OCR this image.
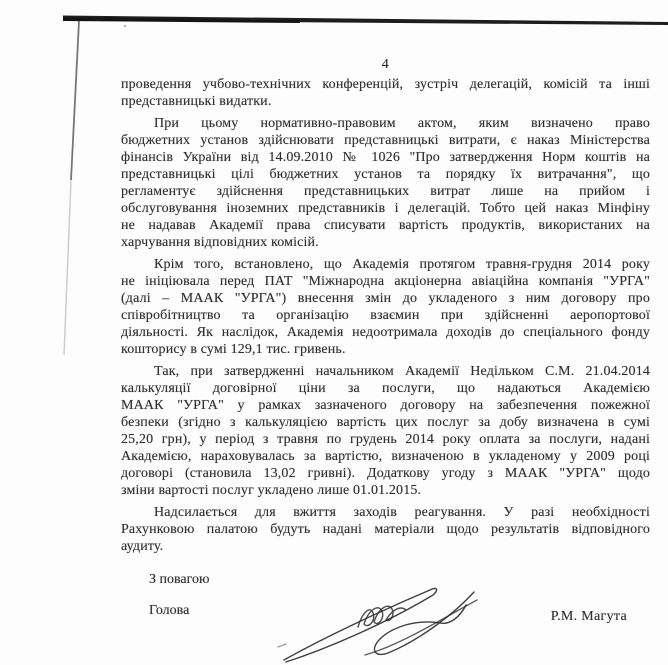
4
проведення учбово-технічних конференцій, зустріч делегацій, комісій та інші
представницькі видатки.
При цьому нормативно-правовим актом, яким визначено право
бюджетних установ здійснювати представницькі витрати, є наказ Міністерства
фінансів України від 14.09.2010 № 1026 "Про затвердження Норм коштів на
представницькі цілі бюджетних установ та порядку їх витрачання", що
регламентує здійснення представницьких витрат лише на прийом і
обслуговування іноземних представників і делегацій. Тобто цей наказ Мінфіну
не надавав Академії права списувати вартість продуктів, використаних на
харчування відповідних комісій.
Крім того, встановлено, що Академія протягом травня-грудня 2014 року
не ініціювала перед ПАТ "Міжнародна акціонерна авіаційна компанія "УРГА"
(далі – МААК "УРГА") внесення змін до укладеного з ним договору про
співробітництво та організацію взаємин при здійсненні аеропортової
діяльності. Як наслідок, Академія недоотримала доходів до спеціального фонду
кошторису в сумі 129,1 тис. гривень.
Так, при затвердженні начальником Академії Недільком С.М. 21.04.2014
калькуляції договірної ціни за послуги, що надаються Академією
МААК "УРГА" у рамках зазначеного договору на забезпечення пожежної
безпеки (згідно з калькуляцією вартість цих послуг за добу визначена в сумі
25,20 грн), у період з травня по грудень 2014 року оплата за послуги, надані
Академією, нараховувалась за вартістю, визначеною в укладеному у 2009 році
договорі (становила 13,02 гривні). Додаткову угоду з МААК "УРГА" щодо
зміни вартості послуг укладено лише 01.01.2015.
Надсилається для вжиття заходів реагування. У разі необхідності
Рахунковою палатою будуть надані матеріали щодо результатів відповідного
аудиту.
З повагою
Голова	Р.М. Магута
